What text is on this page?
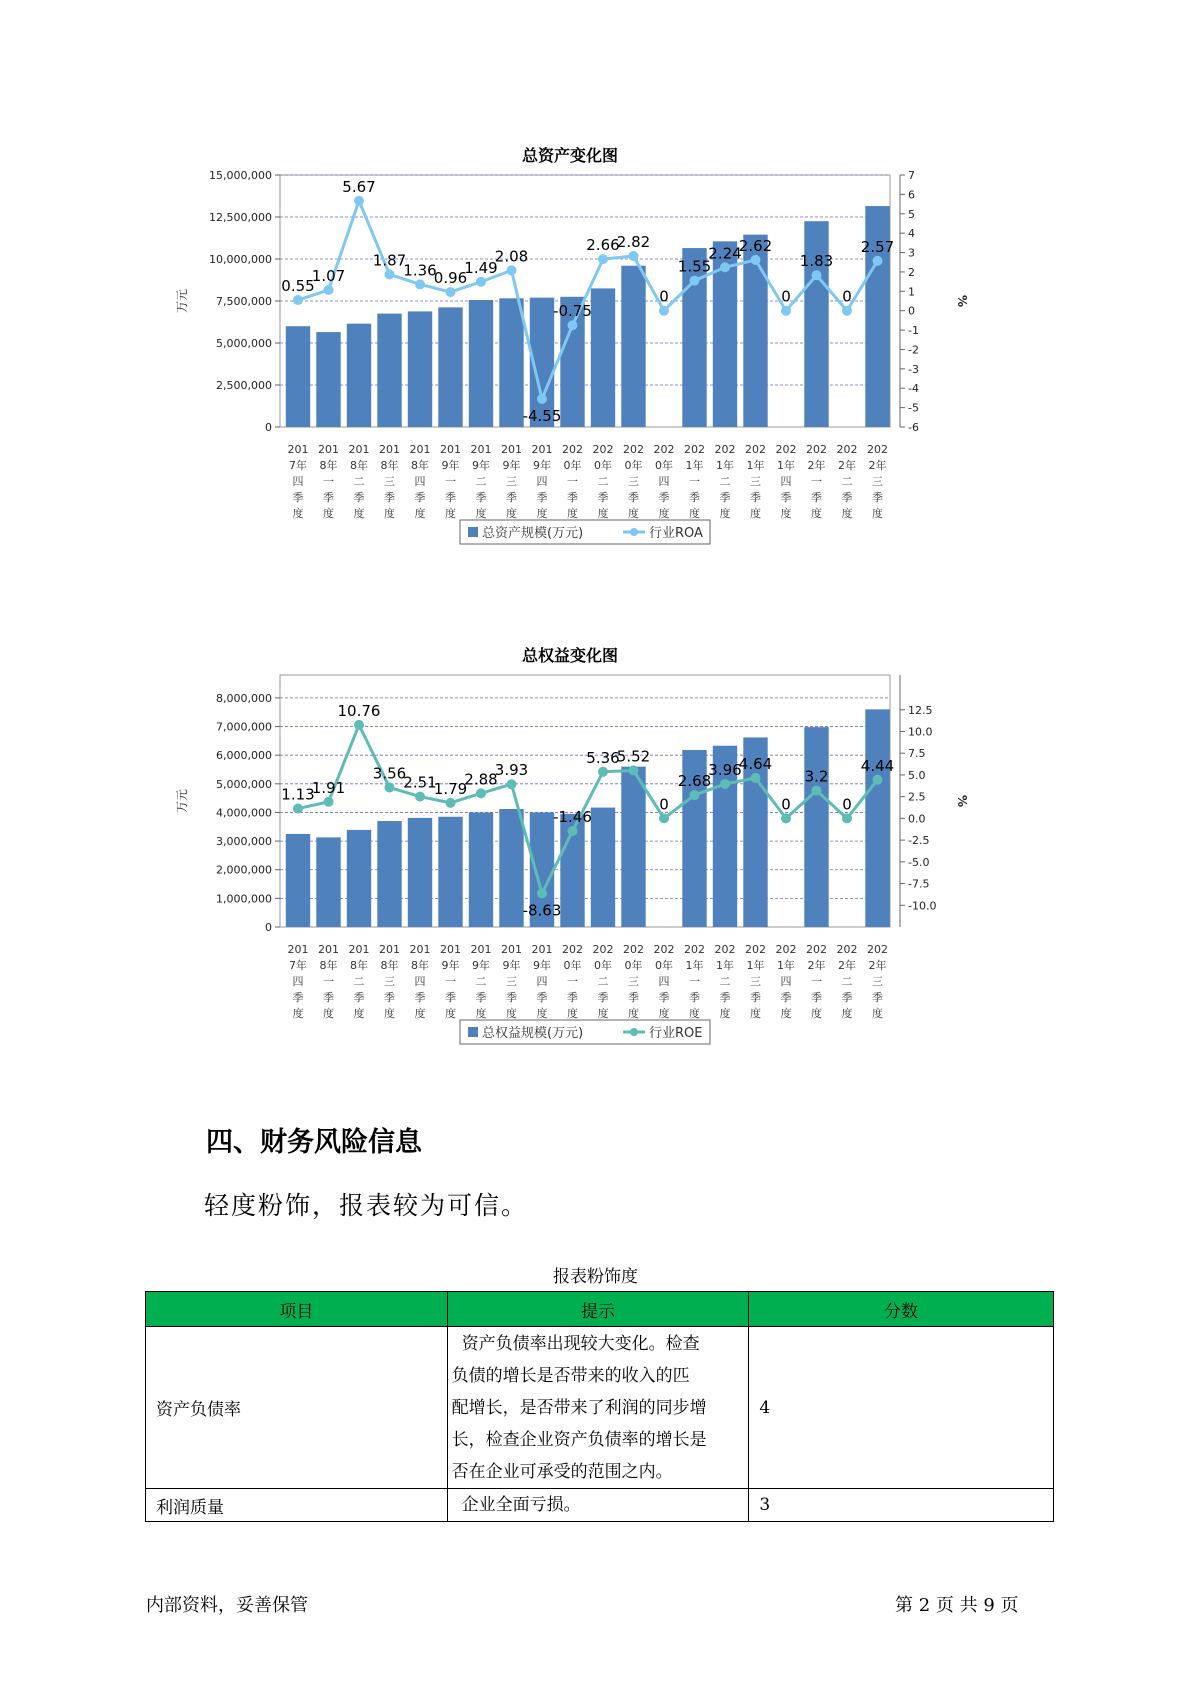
总资产变化图
0
2,500,000
5,000,000
7,500,000
10,000,000
12,500,000
15,000,000
-6
-5
-4
-3
-2
-1
0
1
2
3
4
5
6
7
万元	%
201 7年四季度
201 8年一季度
201 8年二季度
201 8年三季度
201 8年四季度
201 9年一季度
201 9年二季度
201 9年三季度
201 9年四季度
202 0年一季度
202 0年二季度
202 0年三季度
202 0年四季度
202 1年一季度
202 1年二季度
202 1年三季度
202 1年四季度
202 2年一季度
202 2年二季度
202 2年三季度
0.55
1.07
5.67
1.87
1.36
0.96
1.49
2.08
-4.55
-0.75
2.66
2.82
0
1.55
2.24
2.62
0
1.83
0
2.57
总资产规模(万元)	行业ROA
总权益变化图
0
1,000,000
2,000,000
3,000,000
4,000,000
5,000,000
6,000,000
7,000,000
8,000,000
-10.0
-7.5
-5.0
-2.5
0.0
2.5
5.0
7.5
10.0
12.5
万元	%
201 7年四季度
201 8年一季度
201 8年二季度
201 8年三季度
201 8年四季度
201 9年一季度
201 9年二季度
201 9年三季度
201 9年四季度
202 0年一季度
202 0年二季度
202 0年三季度
202 0年四季度
202 1年一季度
202 1年二季度
202 1年三季度
202 1年四季度
202 2年一季度
202 2年二季度
202 2年三季度
1.13
1.91
10.76
3.56
2.51
1.79
2.88
3.93
-8.63
-1.46
5.36
5.52
0
2.68
3.96
4.64
0
3.2
0
4.44
总权益规模(万元)	行业ROE
四、财务风险信息
轻度粉饰，报表较为可信。
报表粉饰度
项目	提示	分数
资产负债率	资产负债率出现较大变化。检查
负债的增长是否带来的收入的匹
配增长，是否带来了利润的同步增
长，检查企业资产负债率的增长是
否在企业可承受的范围之内。	4
利润质量	企业全面亏损。	3
内部资料，妥善保管	第 2 页 共 9 页
